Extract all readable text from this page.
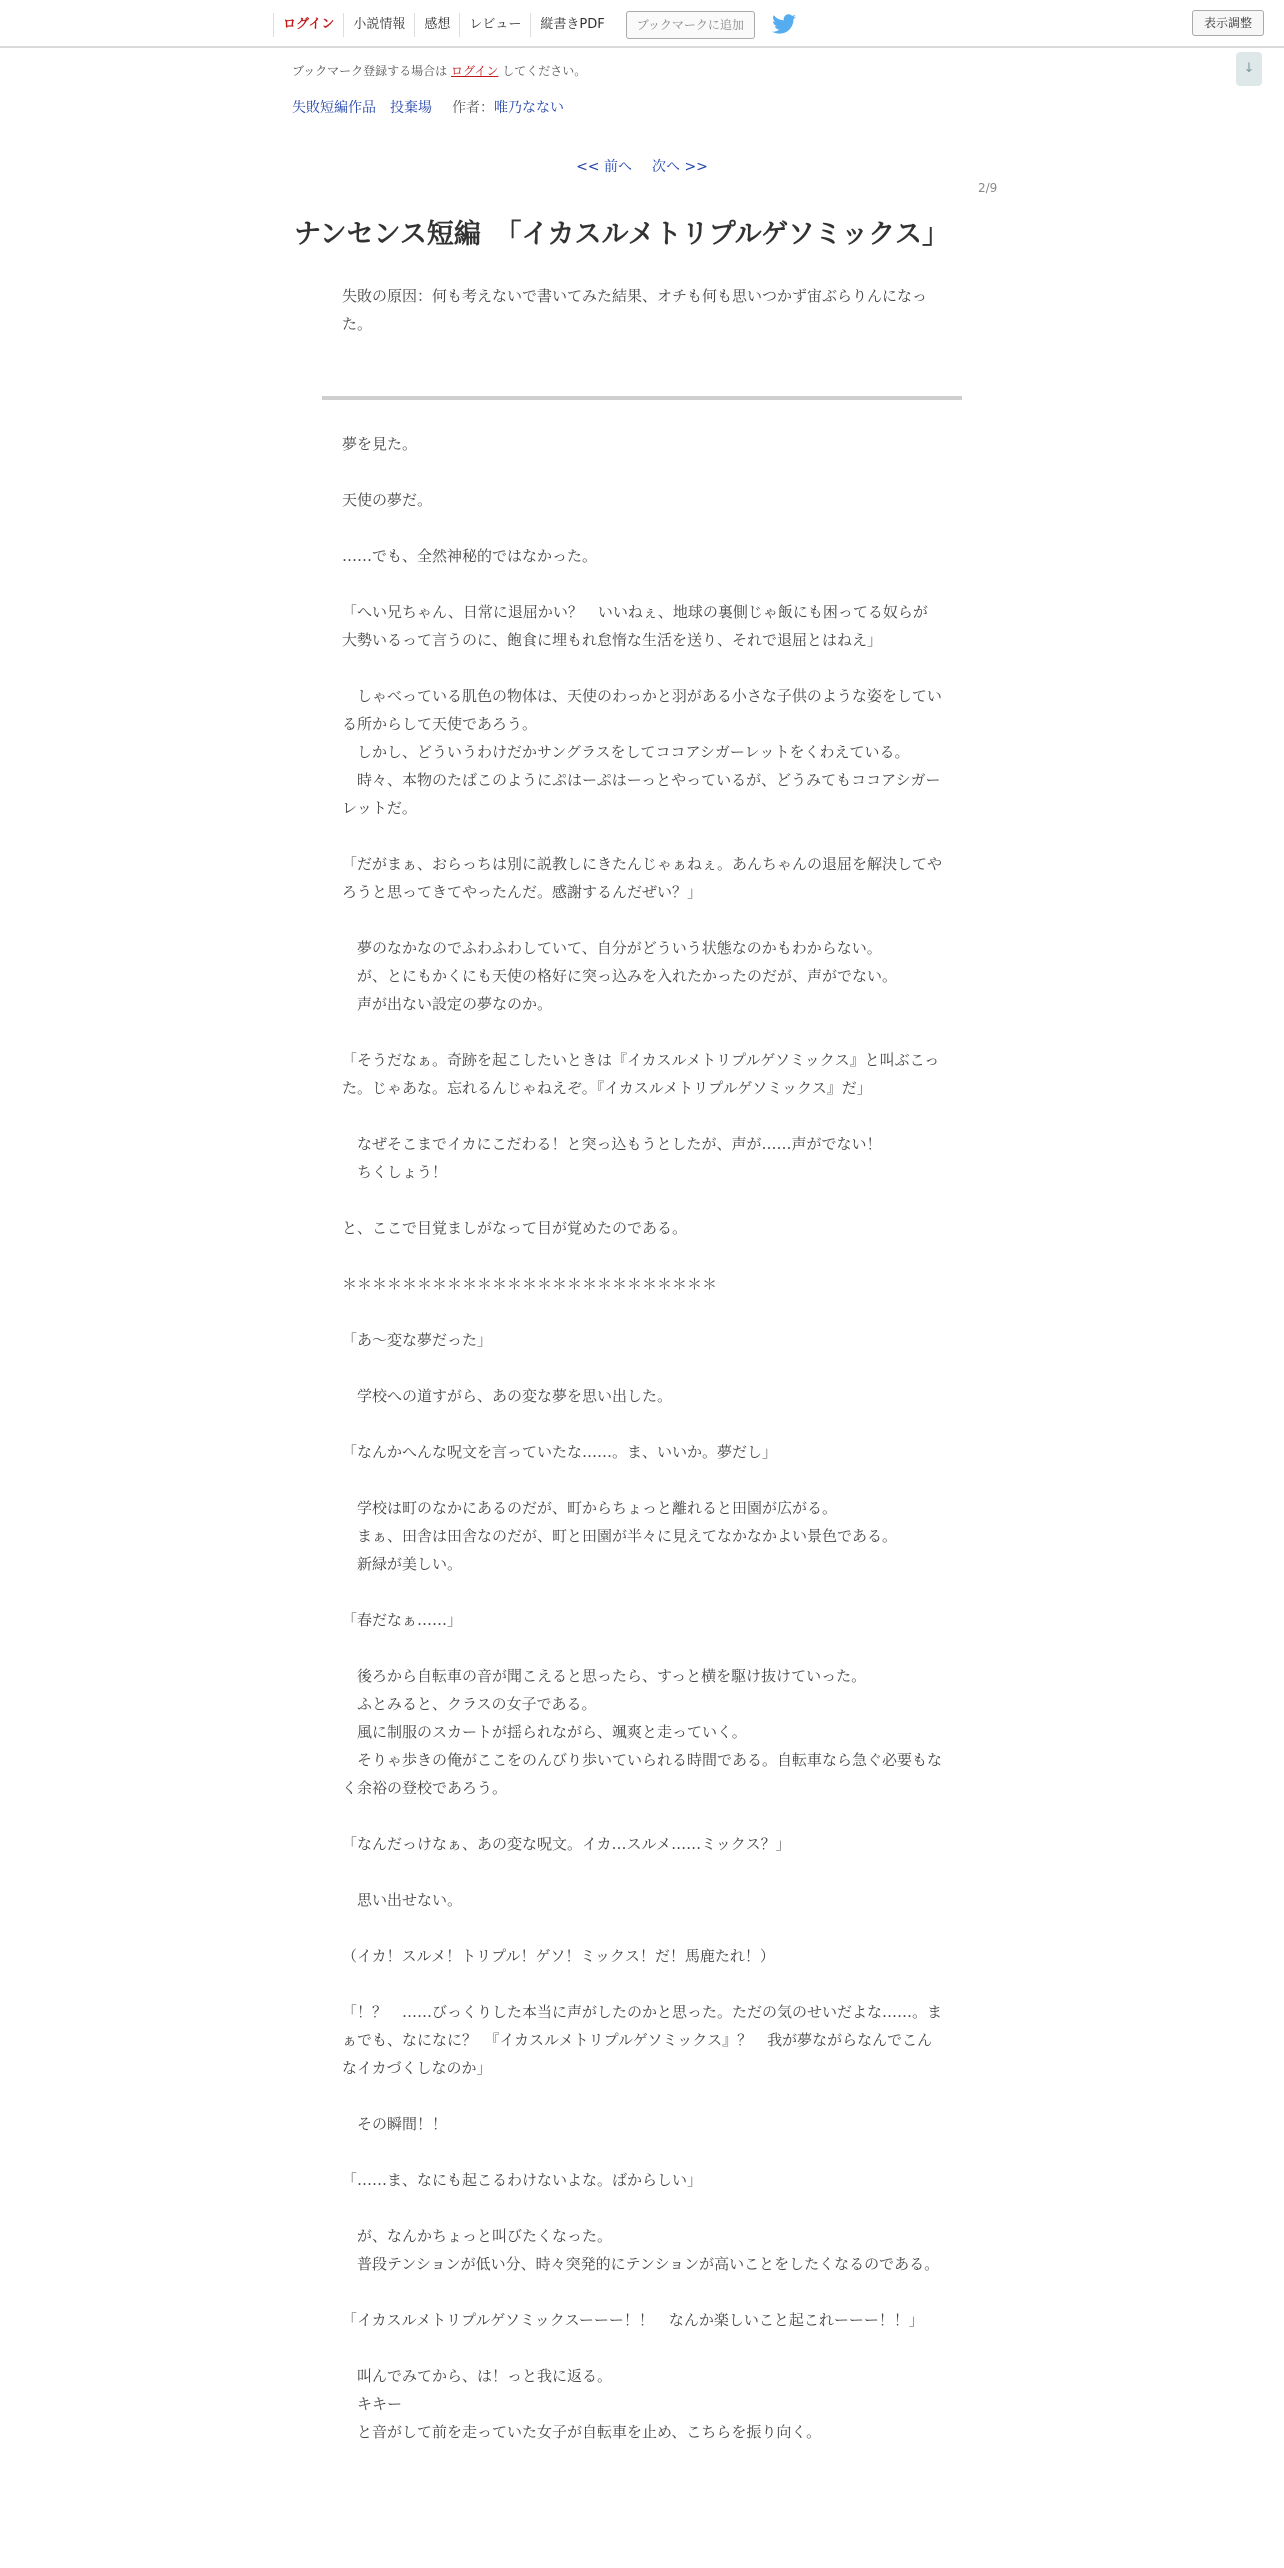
ログイン	小説情報	感想	レビュー	縦書きPDF	ブックマークに追加	表示調整
↓
ブックマーク登録する場合は ログイン してください。
失敗短編作品　投棄場 作者：唯乃なない
<< 前へ 次へ >>
2/9
ナンセンス短編　「イカスルメトリプルゲソミックス」
失敗の原因：何も考えないで書いてみた結果、オチも何も思いつかず宙ぶらりんになった。

夢を見た。

天使の夢だ。

……でも、全然神秘的ではなかった。

「へい兄ちゃん、日常に退屈かい？　いいねぇ、地球の裏側じゃ飯にも困ってる奴らが大勢いるって言うのに、飽食に埋もれ怠惰な生活を送り、それで退屈とはねえ」

　しゃべっている肌色の物体は、天使のわっかと羽がある小さな子供のような姿をしている所からして天使であろう。

　しかし、どういうわけだかサングラスをしてココアシガーレットをくわえている。

　時々、本物のたばこのようにぷはーぷはーっとやっているが、どうみてもココアシガーレットだ。

「だがまぁ、おらっちは別に説教しにきたんじゃぁねぇ。あんちゃんの退屈を解決してやろうと思ってきてやったんだ。感謝するんだぜい？」

　夢のなかなのでふわふわしていて、自分がどういう状態なのかもわからない。

　が、とにもかくにも天使の格好に突っ込みを入れたかったのだが、声がでない。

　声が出ない設定の夢なのか。

「そうだなぁ。奇跡を起こしたいときは『イカスルメトリプルゲソミックス』と叫ぶこった。じゃあな。忘れるんじゃねえぞ。『イカスルメトリプルゲソミックス』だ」

　なぜそこまでイカにこだわる！と突っ込もうとしたが、声が……声がでない！

　ちくしょう！

と、ここで目覚ましがなって目が覚めたのである。

＊＊＊＊＊＊＊＊＊＊＊＊＊＊＊＊＊＊＊＊＊＊＊＊＊

「あ～変な夢だった」

　学校への道すがら、あの変な夢を思い出した。

「なんかへんな呪文を言っていたな……。ま、いいか。夢だし」

　学校は町のなかにあるのだが、町からちょっと離れると田園が広がる。

　まぁ、田舎は田舎なのだが、町と田園が半々に見えてなかなかよい景色である。

　新緑が美しい。

「春だなぁ……」

　後ろから自転車の音が聞こえると思ったら、すっと横を駆け抜けていった。

　ふとみると、クラスの女子である。

　風に制服のスカートが揺られながら、颯爽と走っていく。

　そりゃ歩きの俺がここをのんびり歩いていられる時間である。自転車なら急ぐ必要もなく余裕の登校であろう。

「なんだっけなぁ、あの変な呪文。イカ…スルメ……ミックス？」

　思い出せない。

（イカ！スルメ！トリプル！ゲソ！ミックス！だ！馬鹿たれ！）

「！？　……びっくりした本当に声がしたのかと思った。ただの気のせいだよな……。まぁでも、なになに？　『イカスルメトリプルゲソミックス』？　我が夢ながらなんでこんなイカづくしなのか」

　その瞬間！！

「……ま、なにも起こるわけないよな。ばからしい」

　が、なんかちょっと叫びたくなった。

　普段テンションが低い分、時々突発的にテンションが高いことをしたくなるのである。

「イカスルメトリプルゲソミックスーーー！！　なんか楽しいこと起これーーー！！」

　叫んでみてから、は！っと我に返る。

　キキー

　と音がして前を走っていた女子が自転車を止め、こちらを振り向く。
